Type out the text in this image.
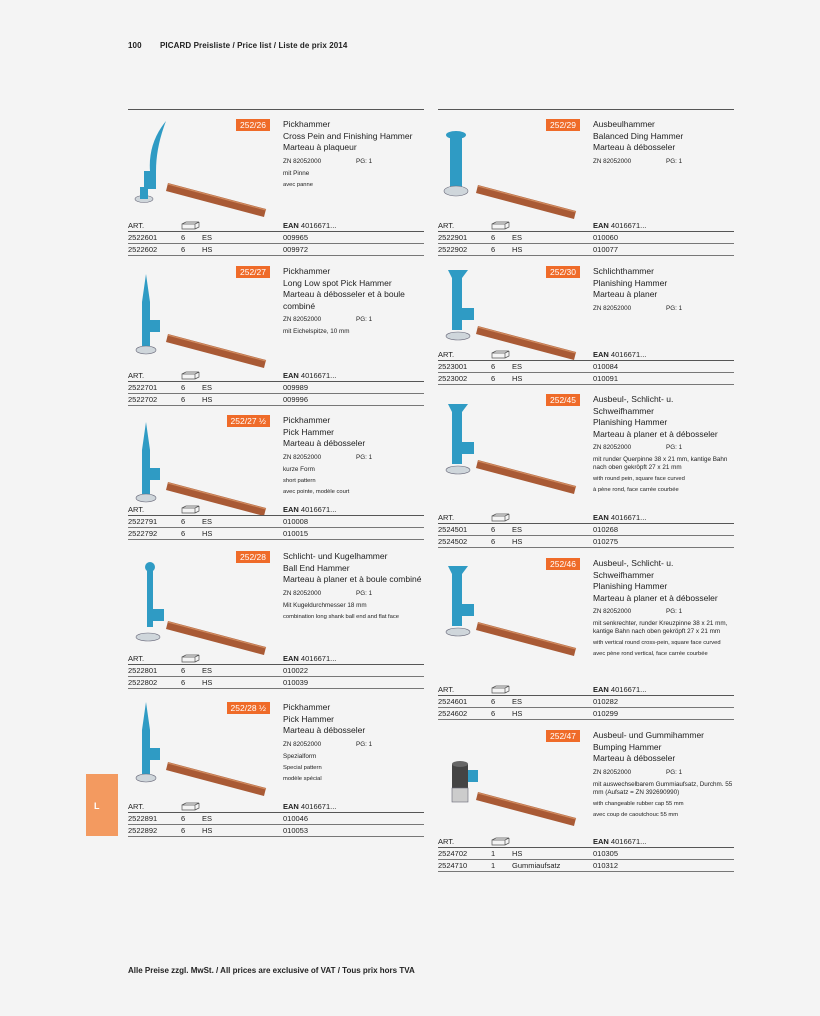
100 PICARD Preisliste / Price list / Liste de prix 2014
252/26	Pickhammer
Cross Pein and Finishing Hammer
Marteau à plaqueur
ZN 82052000	PG: 1
mit Pinne
avec panne
ART.	EAN 4016671...
2522601	6 ES	009965
2522602	6 HS	009972
252/27	Pickhammer
Long Low spot Pick Hammer
Marteau à débosseler et à boule combiné
ZN 82052000	PG: 1
mit Eichelspitze, 10 mm
ART.	EAN 4016671...
2522701	6 ES	009989
2522702	6 HS	009996
252/27 ½	Pickhammer
Pick Hammer
Marteau à débosseler
ZN 82052000	PG: 1
kurze Form
short pattern
avec pointe, modèle court
ART.	EAN 4016671...
2522791	6 ES	010008
2522792	6 HS	010015
252/28	Schlicht- und Kugelhammer
Ball End Hammer
Marteau à planer et à boule combiné
ZN 82052000	PG: 1
Mit Kugeldurchmesser 18 mm
combination long shank ball end and flat face
ART.	EAN 4016671...
2522801	6 ES	010022
2522802	6 HS	010039
252/28 ½	Pickhammer
Pick Hammer
Marteau à débosseler
ZN 82052000	PG: 1
Spezialform
Special pattern
modèle spécial
ART.	EAN 4016671...
2522891	6 ES	010046
2522892	6 HS	010053
252/29	Ausbeulhammer
Balanced Ding Hammer
Marteau à débosseler
ZN 82052000	PG: 1
ART.	EAN 4016671...
2522901	6 ES	010060
2522902	6 HS	010077
252/30	Schlichthammer
Planishing Hammer
Marteau à planer
ZN 82052000	PG: 1
ART.	EAN 4016671...
2523001	6 ES	010084
2523002	6 HS	010091
252/45	Ausbeul-, Schlicht- u. Schweifhammer
Planishing Hammer
Marteau à planer et à débosseler
ZN 82052000	PG: 1
mit runder Querpinne 38 x 21 mm, kantige Bahn nach oben gekröpft 27 x 21 mm
with round pein, square face curved
à pène rond, face carrée courbée
ART.	EAN 4016671...
2524501	6 ES	010268
2524502	6 HS	010275
252/46	Ausbeul-, Schlicht- u. Schweifhammer
Planishing Hammer
Marteau à planer et à débosseler
ZN 82052000	PG: 1
mit senkrechter, runder Kreuzpinne 38 x 21 mm, kantige Bahn nach oben gekröpft 27 x 21 mm
with vertical round cross-pein, square face curved
avec pène rond vertical, face carrée courbée
ART.	EAN 4016671...
2524601	6 ES	010282
2524602	6 HS	010299
252/47	Ausbeul- und Gummihammer
Bumping Hammer
Marteau à débosseler
ZN 82052000	PG: 1
mit auswechselbarem Gummiaufsatz, Durchm. 55 mm (Aufsatz = ZN 392690990)
with changeable rubber cap 55 mm
avec coup de caoutchouc 55 mm
ART.	EAN 4016671...
2524702	1 HS	010305
2524710	1 Gummiaufsatz	010312
L
Alle Preise zzgl. MwSt. / All prices are exclusive of VAT / Tous prix hors TVA
